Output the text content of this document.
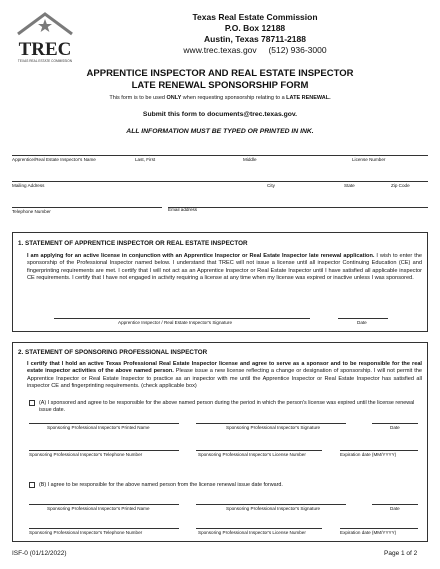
TREC
TEXAS REAL ESTATE COMMISSION
Texas Real Estate Commission
P.O. Box 12188
Austin, Texas 78711-2188
www.trec.texas.gov     (512) 936-3000
APPRENTICE INSPECTOR AND REAL ESTATE INSPECTOR
LATE RENEWAL SPONSORSHIP FORM
This form is to be used ONLY when requesting sponsorship relating to a LATE RENEWAL.
Submit this form to documents@trec.texas.gov.
ALL INFORMATION MUST BE TYPED OR PRINTED IN INK.
Apprentice/Real Estate Inspector's Name	Last, First	Middle	License Number
Mailing Address	City	State	Zip Code
Telephone Number	Email address
1. STATEMENT OF APPRENTICE INSPECTOR OR REAL ESTATE INSPECTOR
I am applying for an active license in conjunction with an Apprentice Inspector or Real Estate Inspector late renewal application. I wish to enter the sponsorship of the Professional Inspector named below. I understand that TREC will not issue a license until all inspector Continuing Education (CE) and fingerprinting requirements are met. I certify that I will not act as an Apprentice Inspector or Real Estate Inspector until I have satisfied all applicable inspector CE requirements. I certify that I have not engaged in activity requiring a license at any time when my license was expired or inactive unless I was sponsored.
Apprentice Inspector / Real Estate Inspector's Signature	Date
2. STATEMENT OF SPONSORING PROFESSIONAL INSPECTOR
I certify that I hold an active Texas Professional Real Estate Inspector license and agree to serve as a sponsor and to be responsible for the real estate inspector activities of the above named person. Please issue a new license reflecting a change or designation of sponsorship. I will not permit the Apprentice Inspector or Real Estate Inspector to practice as an inspector with me until the Apprentice Inspector or Real Estate Inspector has satisfied all inspector CE and fingerprinting requirements. (check applicable box)
(A) I sponsored and agree to be responsible for the above named person during the period in which the person's license was expired until the license renewal issue date.
Sponsoring Professional Inspector's Printed Name	Sponsoring Professional Inspector's Signature	Date
Sponsoring Professional Inspector's Telephone Number	Sponsoring Professional Inspector's License Number	Expiration date (MM/YYYY)
(B) I agree to be responsible for the above named person from the license renewal issue date forward.
Sponsoring Professional Inspector's Printed Name	Sponsoring Professional Inspector's Signature	Date
Sponsoring Professional Inspector's Telephone Number	Sponsoring Professional Inspector's License Number	Expiration date (MM/YYYY)
ISF-0 (01/12/2022)	Page 1 of 2
